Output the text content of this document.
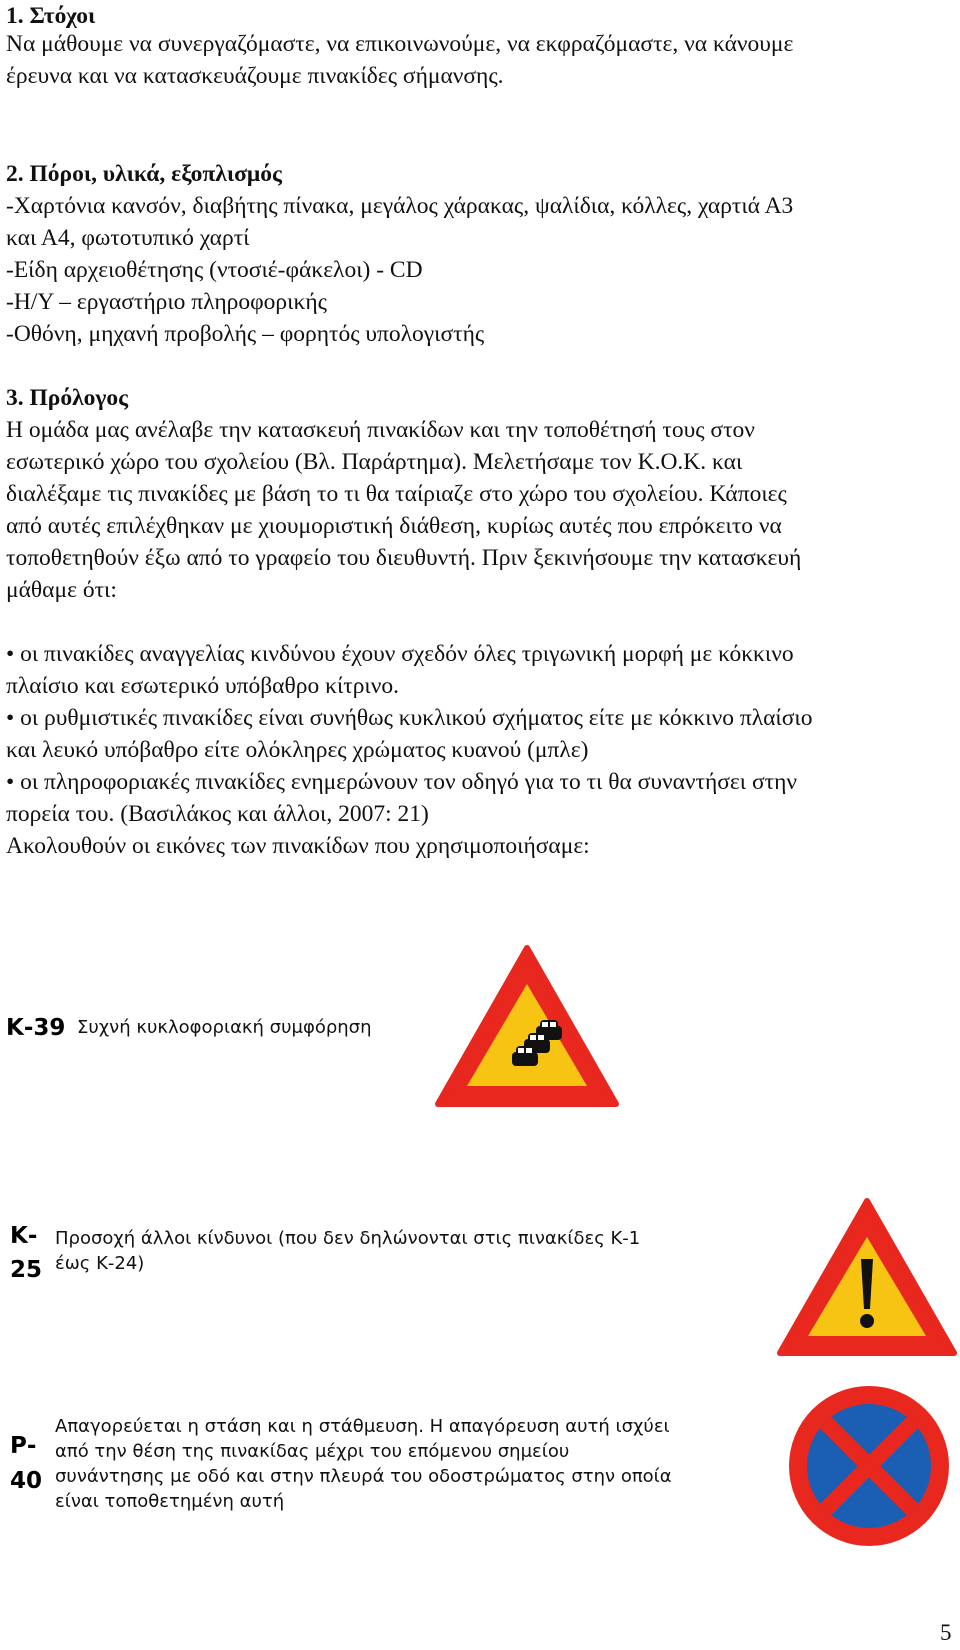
1. Στόχοι
Να μάθουμε να συνεργαζόμαστε, να επικοινωνούμε, να εκφραζόμαστε, να κάνουμε
έρευνα και να κατασκευάζουμε πινακίδες σήμανσης.
2. Πόροι, υλικά, εξοπλισμός
-Χαρτόνια κανσόν, διαβήτης πίνακα, μεγάλος χάρακας, ψαλίδια, κόλλες, χαρτιά Α3
και Α4, φωτοτυπικό χαρτί
-Είδη αρχειοθέτησης (ντοσιέ-φάκελοι) - CD
-Η/Υ – εργαστήριο πληροφορικής
-Οθόνη, μηχανή προβολής – φορητός υπολογιστής
3. Πρόλογος
Η ομάδα μας ανέλαβε την κατασκευή πινακίδων και την τοποθέτησή τους στον
εσωτερικό χώρο του σχολείου (Βλ. Παράρτημα). Μελετήσαμε τον Κ.Ο.Κ. και
διαλέξαμε τις πινακίδες με βάση το τι θα ταίριαζε στο χώρο του σχολείου. Κάποιες
από αυτές επιλέχθηκαν με χιουμοριστική διάθεση, κυρίως αυτές που επρόκειτο να
τοποθετηθούν έξω από το γραφείο του διευθυντή. Πριν ξεκινήσουμε την κατασκευή
μάθαμε ότι:
• οι πινακίδες αναγγελίας κινδύνου έχουν σχεδόν όλες τριγωνική μορφή με κόκκινο
πλαίσιο και εσωτερικό υπόβαθρο κίτρινο.
• οι ρυθμιστικές πινακίδες είναι συνήθως κυκλικού σχήματος είτε με κόκκινο πλαίσιο
και λευκό υπόβαθρο είτε ολόκληρες χρώματος κυανού (μπλε)
• οι πληροφοριακές πινακίδες ενημερώνουν τον οδηγό για το τι θα συναντήσει στην
πορεία του. (Βασιλάκος και άλλοι, 2007: 21)
Ακολουθούν οι εικόνες των πινακίδων που χρησιμοποιήσαμε:
Κ-39 Συχνή κυκλοφοριακή συμφόρηση
Κ-
25
Προσοχή άλλοι κίνδυνοι (που δεν δηλώνονται στις πινακίδες Κ-1
έως Κ-24)
Ρ-
40
Απαγορεύεται η στάση και η στάθμευση. Η απαγόρευση αυτή ισχύει
από την θέση της πινακίδας μέχρι του επόμενου σημείου
συνάντησης με οδό και στην πλευρά του οδοστρώματος στην οποία
είναι τοποθετημένη αυτή
5
